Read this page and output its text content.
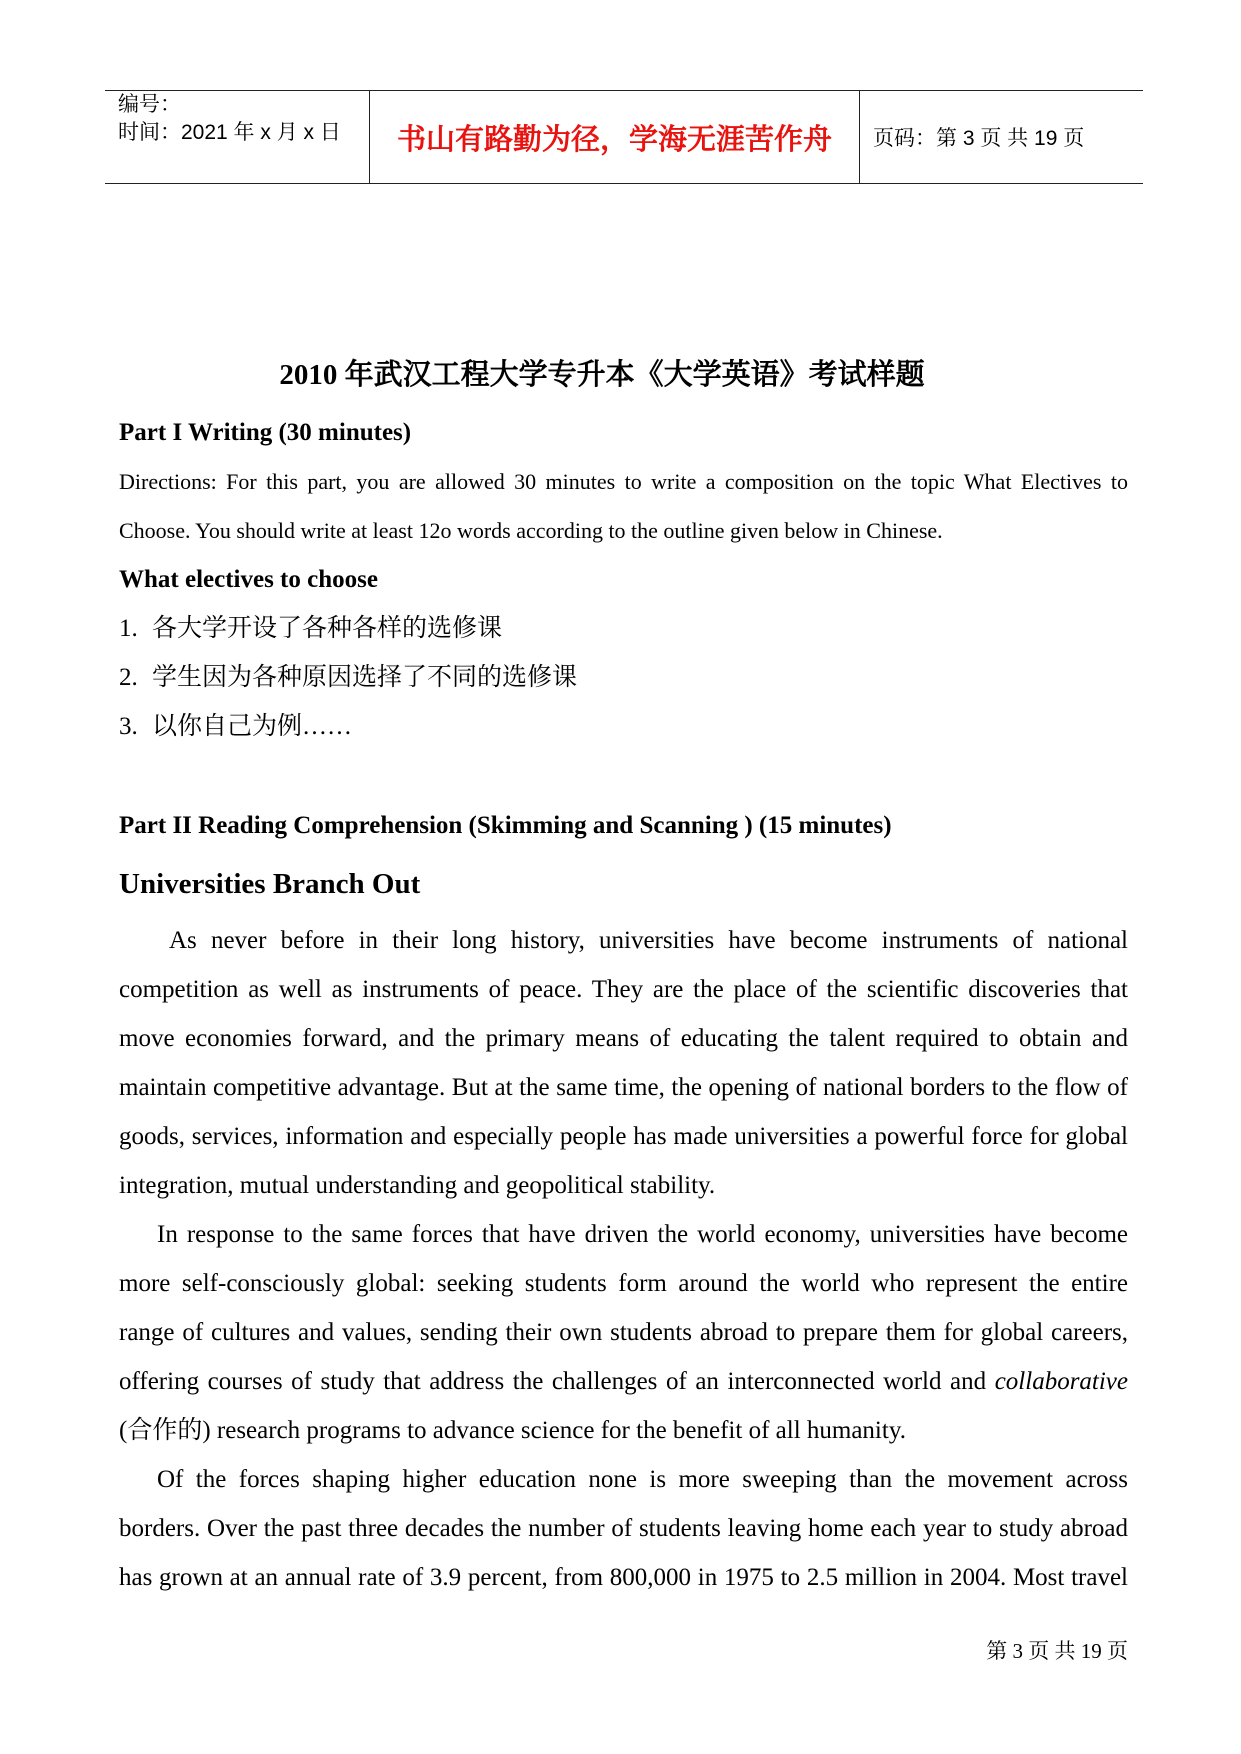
编号：
时间：2021 年 x 月 x 日	书山有路勤为径，学海无涯苦作舟 页码：第 3 页 共 19 页
2010 年武汉工程大学专升本《大学英语》考试样题
Part I Writing (30 minutes)
Directions: For this part, you are allowed 30 minutes to write a composition on the topic What Electives to
Choose. You should write at least 12o words according to the outline given below in Chinese.
What electives to choose
1. 各大学开设了各种各样的选修课
2. 学生因为各种原因选择了不同的选修课
3. 以你自己为例……
Part II Reading Comprehension (Skimming and Scanning ) (15 minutes)
Universities Branch Out
As never before in their long history, universities have become instruments of national
competition as well as instruments of peace. They are the place of the scientific discoveries that
move economies forward, and the primary means of educating the talent required to obtain and
maintain competitive advantage. But at the same time, the opening of national borders to the flow of
goods, services, information and especially people has made universities a powerful force for global
integration, mutual understanding and geopolitical stability.
In response to the same forces that have driven the world economy, universities have become
more self-consciously global: seeking students form around the world who represent the entire
range of cultures and values, sending their own students abroad to prepare them for global careers,
offering courses of study that address the challenges of an interconnected world and collaborative
(合作的) research programs to advance science for the benefit of all humanity.
Of the forces shaping higher education none is more sweeping than the movement across
borders. Over the past three decades the number of students leaving home each year to study abroad
has grown at an annual rate of 3.9 percent, from 800,000 in 1975 to 2.5 million in 2004. Most travel
第 3 页 共 19 页
